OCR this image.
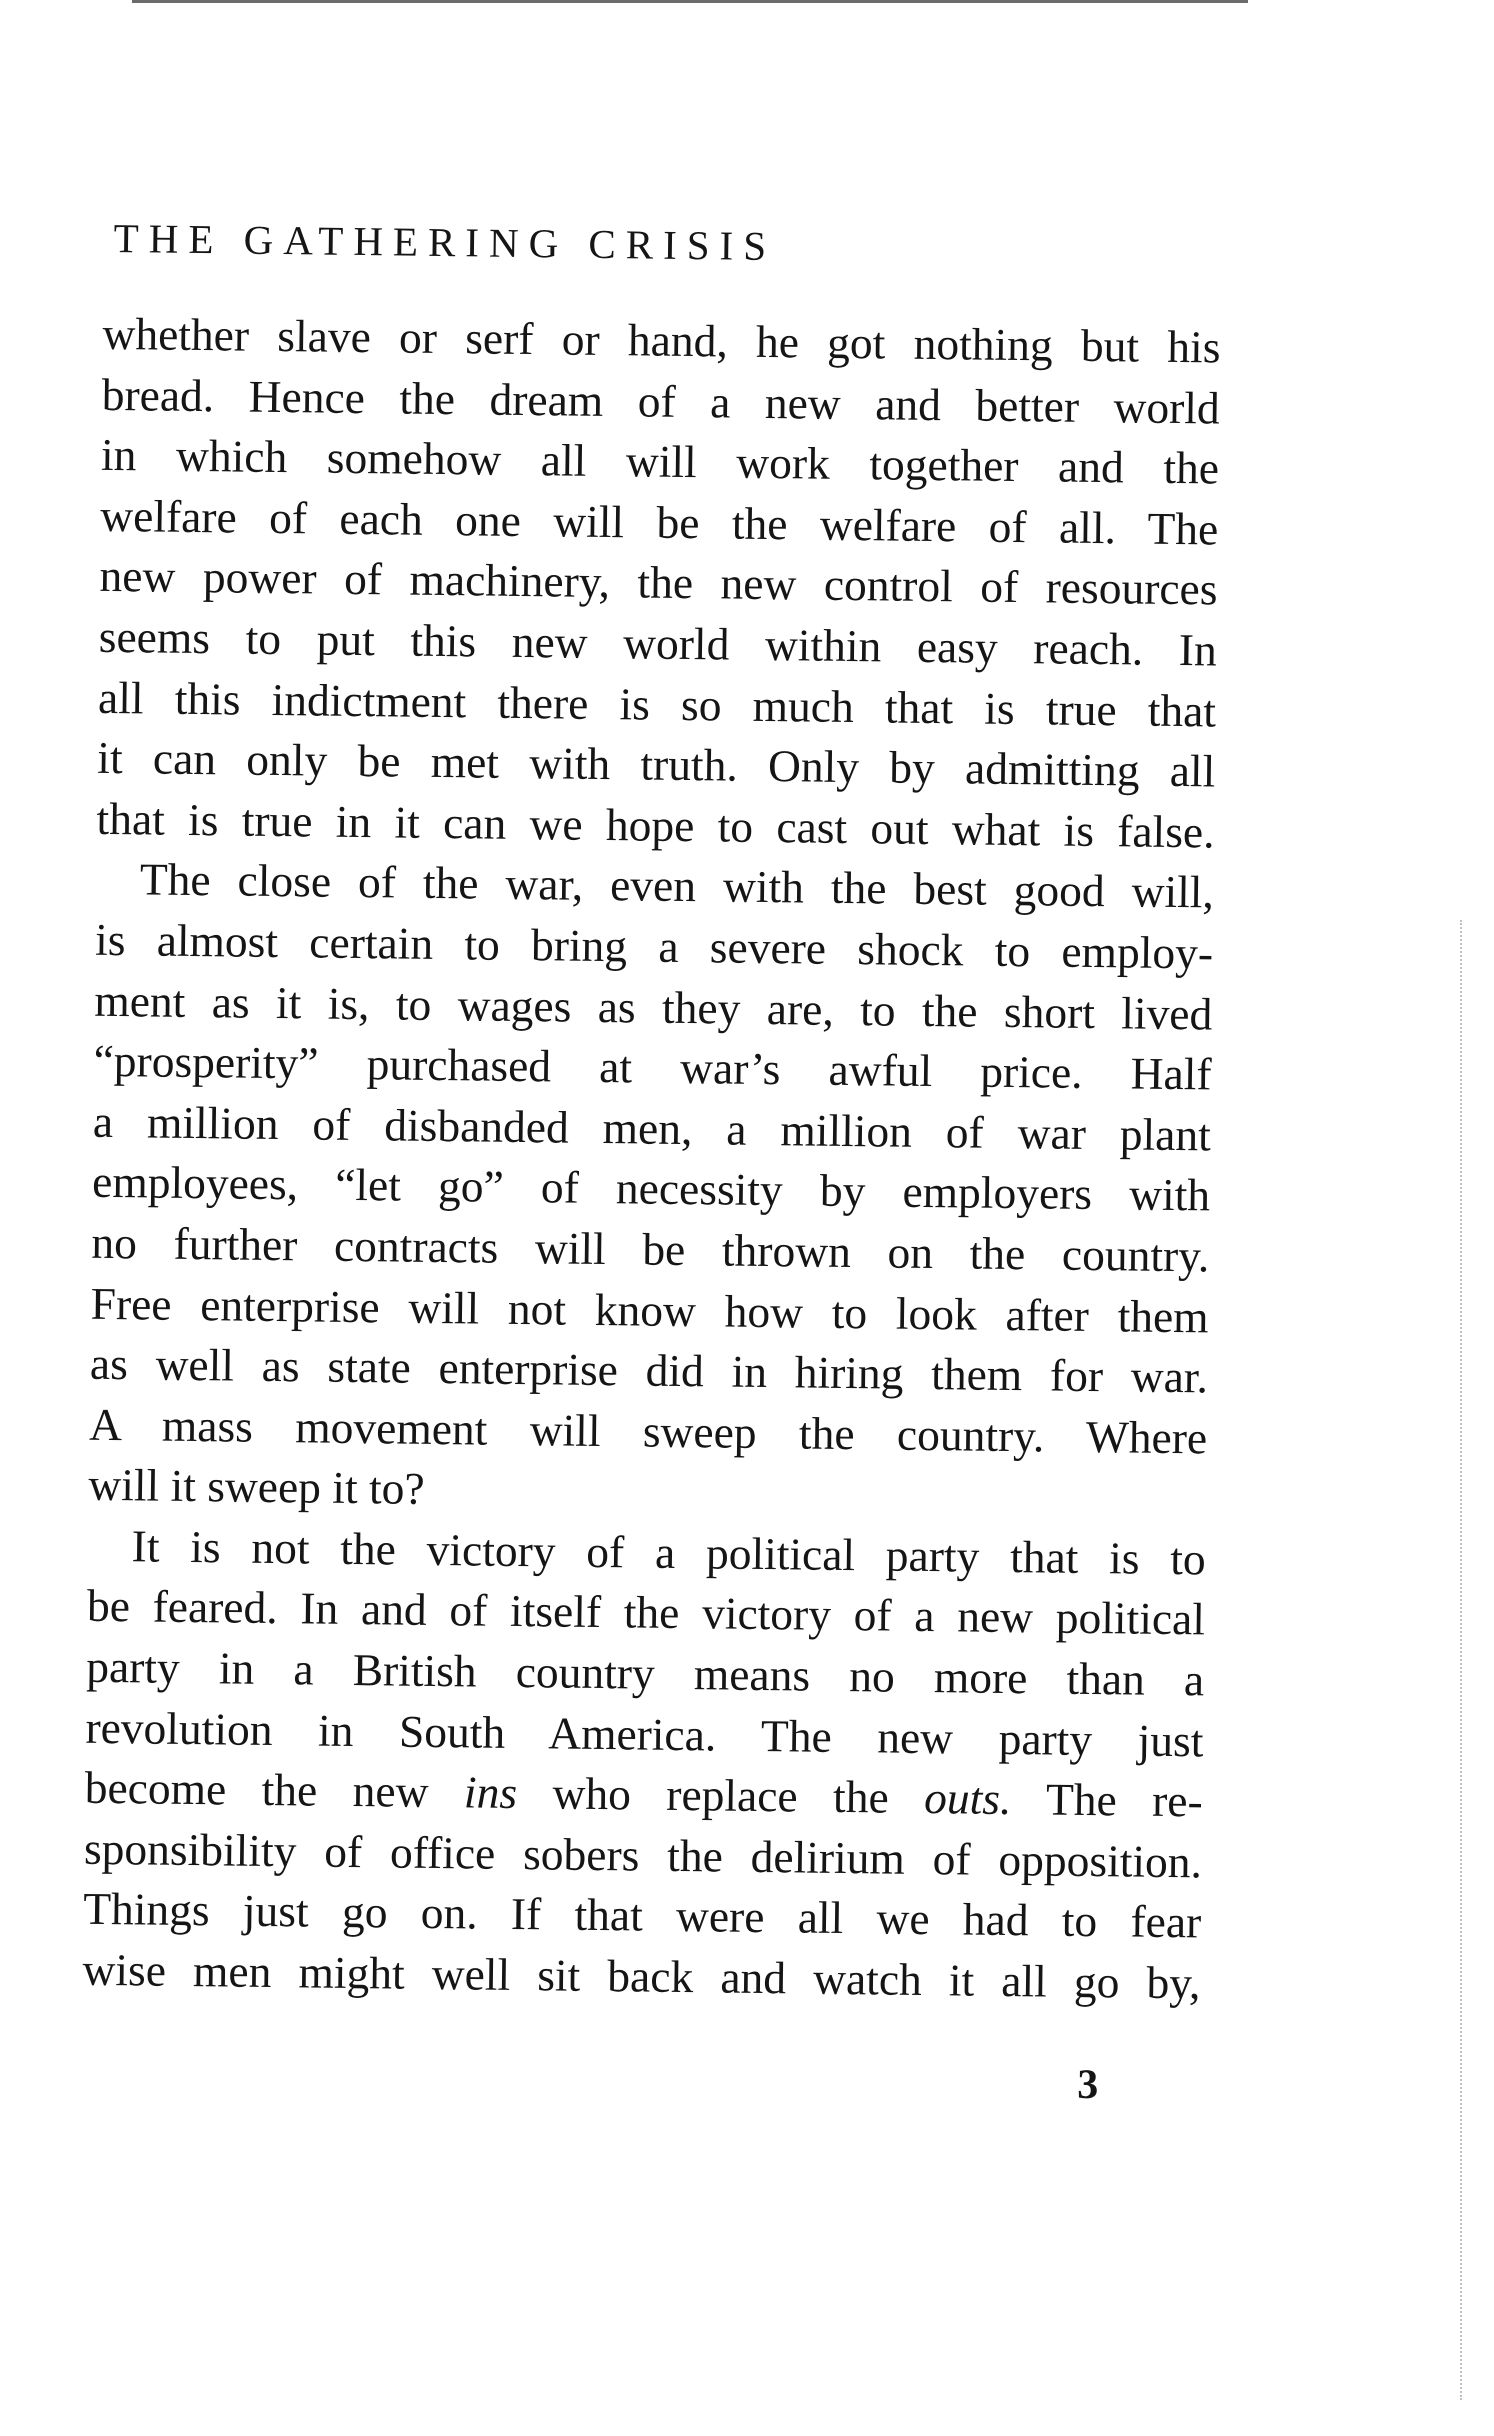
THE GATHERING CRISIS
whether slave or serf or hand, he got nothing but his
bread. Hence the dream of a new and better world
in which somehow all will work together and the
welfare of each one will be the welfare of all. The
new power of machinery, the new control of resources
seems to put this new world within easy reach. In
all this indictment there is so much that is true that
it can only be met with truth. Only by admitting all
that is true in it can we hope to cast out what is false.
The close of the war, even with the best good will,
is almost certain to bring a severe shock to employ-
ment as it is, to wages as they are, to the short lived
“prosperity” purchased at war’s awful price. Half
a million of disbanded men, a million of war plant
employees, “let go” of necessity by employers with
no further contracts will be thrown on the country.
Free enterprise will not know how to look after them
as well as state enterprise did in hiring them for war.
A mass movement will sweep the country. Where
will it sweep it to?
It is not the victory of a political party that is to
be feared. In and of itself the victory of a new political
party in a British country means no more than a
revolution in South America. The new party just
become the new ins who replace the outs. The re-
sponsibility of office sobers the delirium of opposition.
Things just go on. If that were all we had to fear
wise men might well sit back and watch it all go by,
3
